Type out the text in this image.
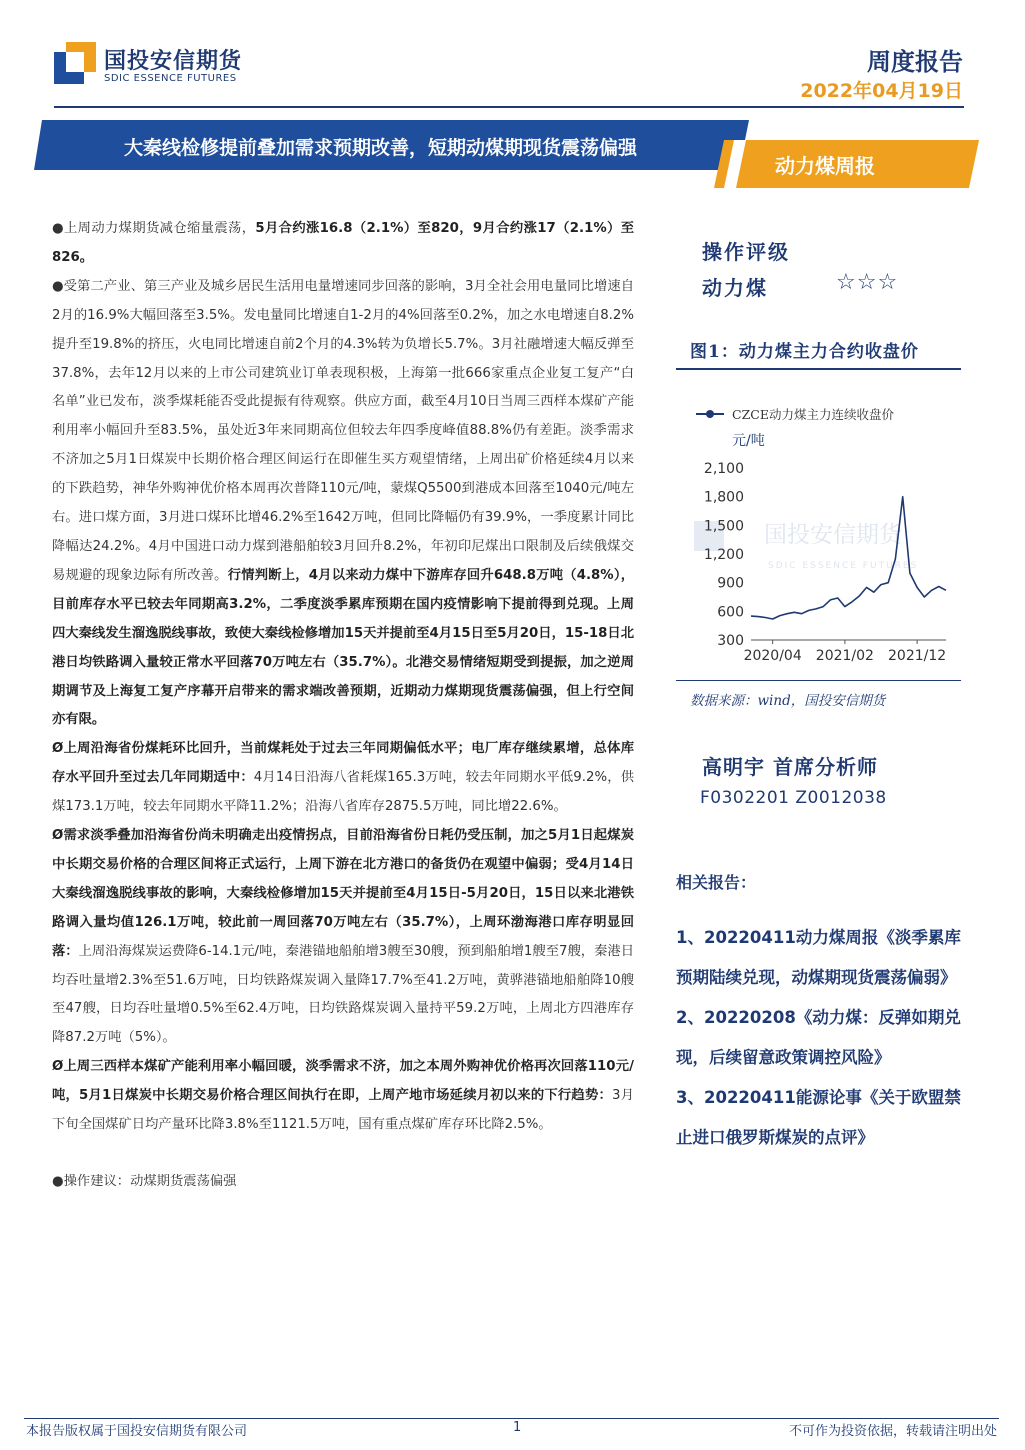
国投安信期货
SDIC ESSENCE FUTURES
周度报告
2022年04月19日
大秦线检修提前叠加需求预期改善，短期动煤期现货震荡偏强
动力煤周报

●上周动力煤期货减仓缩量震荡，5月合约涨16.8（2.1%）至820，9月合约涨17（2.1%）至826。

●受第二产业、第三产业及城乡居民生活用电量增速同步回落的影响，3月全社会用电量同比增速自2月的16.9%大幅回落至3.5%。发电量同比增速自1-2月的4%回落至0.2%，加之水电增速自8.2%提升至19.8%的挤压，火电同比增速自前2个月的4.3%转为负增长5.7%。3月社融增速大幅反弹至37.8%，去年12月以来的上市公司建筑业订单表现积极，上海第一批666家重点企业复工复产“白名单”业已发布，淡季煤耗能否受此提振有待观察。供应方面，截至4月10日当周三西样本煤矿产能利用率小幅回升至83.5%，虽处近3年来同期高位但较去年四季度峰值88.8%仍有差距。淡季需求不济加之5月1日煤炭中长期价格合理区间运行在即催生买方观望情绪，上周出矿价格延续4月以来的下跌趋势，神华外购神优价格本周再次普降110元/吨，蒙煤Q5500到港成本回落至1040元/吨左右。进口煤方面，3月进口煤环比增46.2%至1642万吨，但同比降幅仍有39.9%，一季度累计同比降幅达24.2%。4月中国进口动力煤到港船舶较3月回升8.2%，年初印尼煤出口限制及后续俄煤交易规避的现象边际有所改善。行情判断上，4月以来动力煤中下游库存回升648.8万吨（4.8%），目前库存水平已较去年同期高3.2%，二季度淡季累库预期在国内疫情影响下提前得到兑现。上周四大秦线发生溜逸脱线事故，致使大秦线检修增加15天并提前至4月15日至5月20日，15-18日北港日均铁路调入量较正常水平回落70万吨左右（35.7%）。北港交易情绪短期受到提振，加之逆周期调节及上海复工复产序幕开启带来的需求端改善预期，近期动力煤期现货震荡偏强，但上行空间亦有限。

Ø上周沿海省份煤耗环比回升，当前煤耗处于过去三年同期偏低水平；电厂库存继续累增，总体库存水平回升至过去几年同期适中：4月14日沿海八省耗煤165.3万吨，较去年同期水平低9.2%，供煤173.1万吨，较去年同期水平降11.2%；沿海八省库存2875.5万吨，同比增22.6%。

Ø需求淡季叠加沿海省份尚未明确走出疫情拐点，目前沿海省份日耗仍受压制，加之5月1日起煤炭中长期交易价格的合理区间将正式运行，上周下游在北方港口的备货仍在观望中偏弱；受4月14日大秦线溜逸脱线事故的影响，大秦线检修增加15天并提前至4月15日-5月20日，15日以来北港铁路调入量均值126.1万吨，较此前一周回落70万吨左右（35.7%），上周环渤海港口库存明显回落：上周沿海煤炭运费降6-14.1元/吨，秦港锚地船舶增3艘至30艘，预到船舶增1艘至7艘，秦港日均吞吐量增2.3%至51.6万吨，日均铁路煤炭调入量降17.7%至41.2万吨，黄骅港锚地船舶降10艘至47艘，日均吞吐量增0.5%至62.4万吨，日均铁路煤炭调入量持平59.2万吨，上周北方四港库存降87.2万吨（5%）。

Ø上周三西样本煤矿产能利用率小幅回暖，淡季需求不济，加之本周外购神优价格再次回落110元/吨，5月1日煤炭中长期交易价格合理区间执行在即，上周产地市场延续月初以来的下行趋势：3月下旬全国煤矿日均产量环比降3.8%至1121.5万吨，国有重点煤矿库存环比降2.5%。

●操作建议：动煤期货震荡偏强

操作评级
动力煤	☆☆☆
图1：动力煤主力合约收盘价
国投安信期货
SDIC ESSENCE FUTURES
CZCE动力煤主力连续收盘价
元/吨
2,100
1,800
1,500
1,200
900
600
300
2020/04 2021/02 2021/12
数据来源：wind，国投安信期货
高明宇 首席分析师
F0302201 Z0012038
相关报告：
1、20220411动力煤周报《淡季累库预期陆续兑现，动煤期现货震荡偏弱》
2、20220208《动力煤：反弹如期兑现，后续留意政策调控风险》
3、20220411能源论事《关于欧盟禁止进口俄罗斯煤炭的点评》
本报告版权属于国投安信期货有限公司	1	不可作为投资依据，转载请注明出处
